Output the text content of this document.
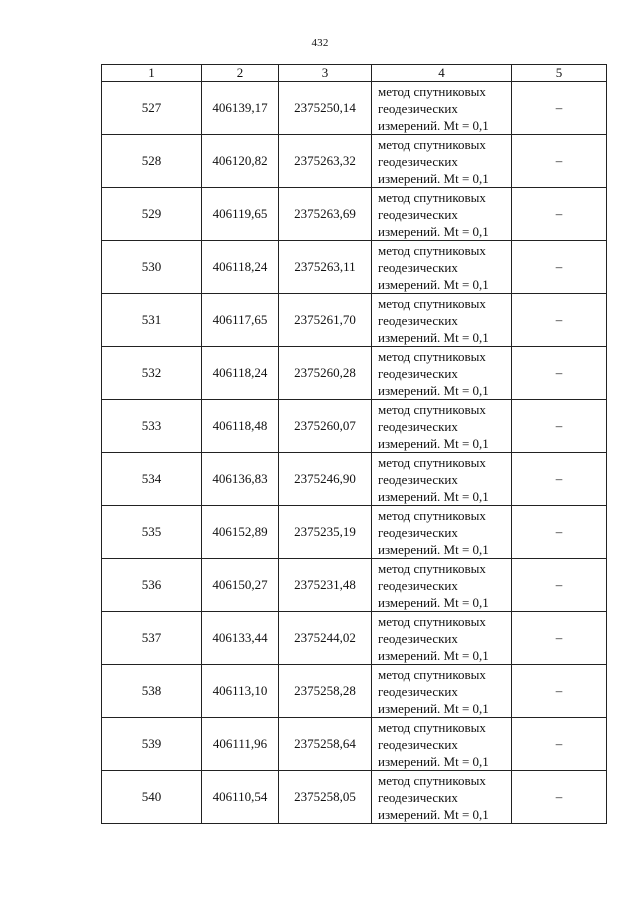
432
1	2	3	4	5
527	406139,17	2375250,14	метод спутниковых
геодезических
измерений. Mt = 0,1	–
528	406120,82	2375263,32	метод спутниковых
геодезических
измерений. Mt = 0,1	–
529	406119,65	2375263,69	метод спутниковых
геодезических
измерений. Mt = 0,1	–
530	406118,24	2375263,11	метод спутниковых
геодезических
измерений. Mt = 0,1	–
531	406117,65	2375261,70	метод спутниковых
геодезических
измерений. Mt = 0,1	–
532	406118,24	2375260,28	метод спутниковых
геодезических
измерений. Mt = 0,1	–
533	406118,48	2375260,07	метод спутниковых
геодезических
измерений. Mt = 0,1	–
534	406136,83	2375246,90	метод спутниковых
геодезических
измерений. Mt = 0,1	–
535	406152,89	2375235,19	метод спутниковых
геодезических
измерений. Mt = 0,1	–
536	406150,27	2375231,48	метод спутниковых
геодезических
измерений. Mt = 0,1	–
537	406133,44	2375244,02	метод спутниковых
геодезических
измерений. Mt = 0,1	–
538	406113,10	2375258,28	метод спутниковых
геодезических
измерений. Mt = 0,1	–
539	406111,96	2375258,64	метод спутниковых
геодезических
измерений. Mt = 0,1	–
540	406110,54	2375258,05	метод спутниковых
геодезических
измерений. Mt = 0,1	–
